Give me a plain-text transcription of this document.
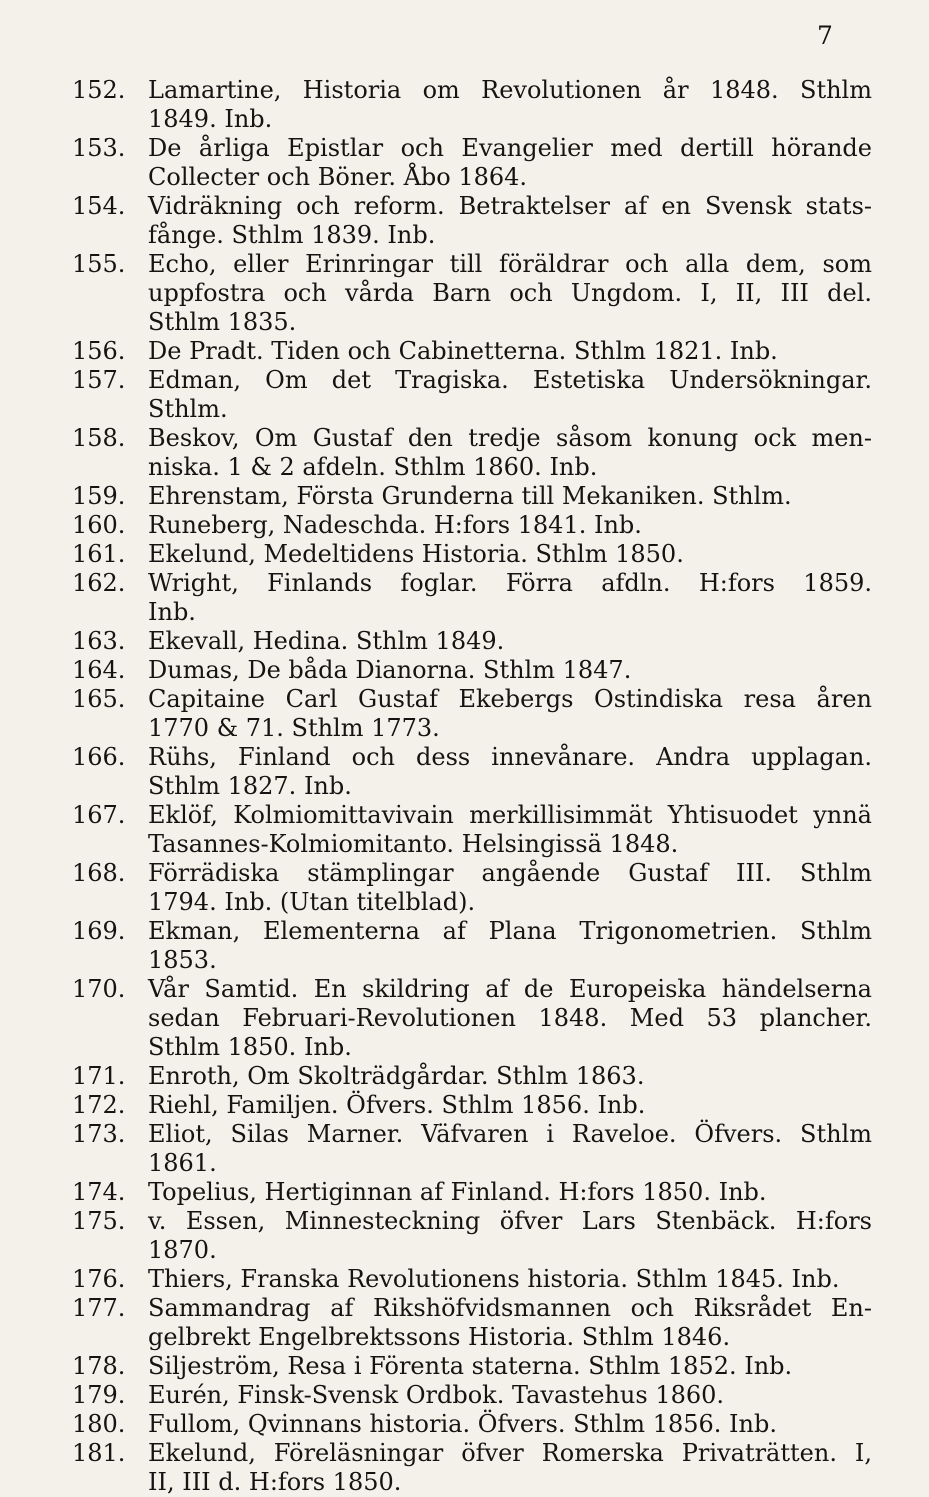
7
152. Lamartine, Historia om Revolutionen år 1848. Sthlm
1849. Inb.
153. De årliga Epistlar och Evangelier med dertill hörande
Collecter och Böner. Åbo 1864.
154. Vidräkning och reform. Betraktelser af en Svensk stats-
fånge. Sthlm 1839. Inb.
155. Echo, eller Erinringar till föräldrar och alla dem, som
uppfostra och vårda Barn och Ungdom. I, II, III del.
Sthlm 1835.
156. De Pradt. Tiden och Cabinetterna. Sthlm 1821. Inb.
157. Edman, Om det Tragiska. Estetiska Undersökningar.
Sthlm.
158. Beskov, Om Gustaf den tredje såsom konung ock men-
niska. 1 & 2 afdeln. Sthlm 1860. Inb.
159. Ehrenstam, Första Grunderna till Mekaniken. Sthlm.
160. Runeberg, Nadeschda. H:fors 1841. Inb.
161. Ekelund, Medeltidens Historia. Sthlm 1850.
162. Wright, Finlands foglar. Förra afdln. H:fors 1859.
Inb.
163. Ekevall, Hedina. Sthlm 1849.
164. Dumas, De båda Dianorna. Sthlm 1847.
165. Capitaine Carl Gustaf Ekebergs Ostindiska resa åren
1770 & 71. Sthlm 1773.
166. Rühs, Finland och dess innevånare. Andra upplagan.
Sthlm 1827. Inb.
167. Eklöf, Kolmiomittavivain merkillisimmät Yhtisuodet ynnä
Tasannes-Kolmiomitanto. Helsingissä 1848.
168. Förrädiska stämplingar angående Gustaf III. Sthlm
1794. Inb. (Utan titelblad).
169. Ekman, Elementerna af Plana Trigonometrien. Sthlm
1853.
170. Vår Samtid. En skildring af de Europeiska händelserna
sedan Februari-Revolutionen 1848. Med 53 plancher.
Sthlm 1850. Inb.
171. Enroth, Om Skolträdgårdar. Sthlm 1863.
172. Riehl, Familjen. Öfvers. Sthlm 1856. Inb.
173. Eliot, Silas Marner. Väfvaren i Raveloe. Öfvers. Sthlm
1861.
174. Topelius, Hertiginnan af Finland. H:fors 1850. Inb.
175. v. Essen, Minnesteckning öfver Lars Stenbäck. H:fors
1870.
176. Thiers, Franska Revolutionens historia. Sthlm 1845. Inb.
177. Sammandrag af Rikshöfvidsmannen och Riksrådet En-
gelbrekt Engelbrektssons Historia. Sthlm 1846.
178. Siljeström, Resa i Förenta staterna. Sthlm 1852. Inb.
179. Eurén, Finsk-Svensk Ordbok. Tavastehus 1860.
180. Fullom, Qvinnans historia. Öfvers. Sthlm 1856. Inb.
181. Ekelund, Föreläsningar öfver Romerska Privaträtten. I,
II, III d. H:fors 1850.
